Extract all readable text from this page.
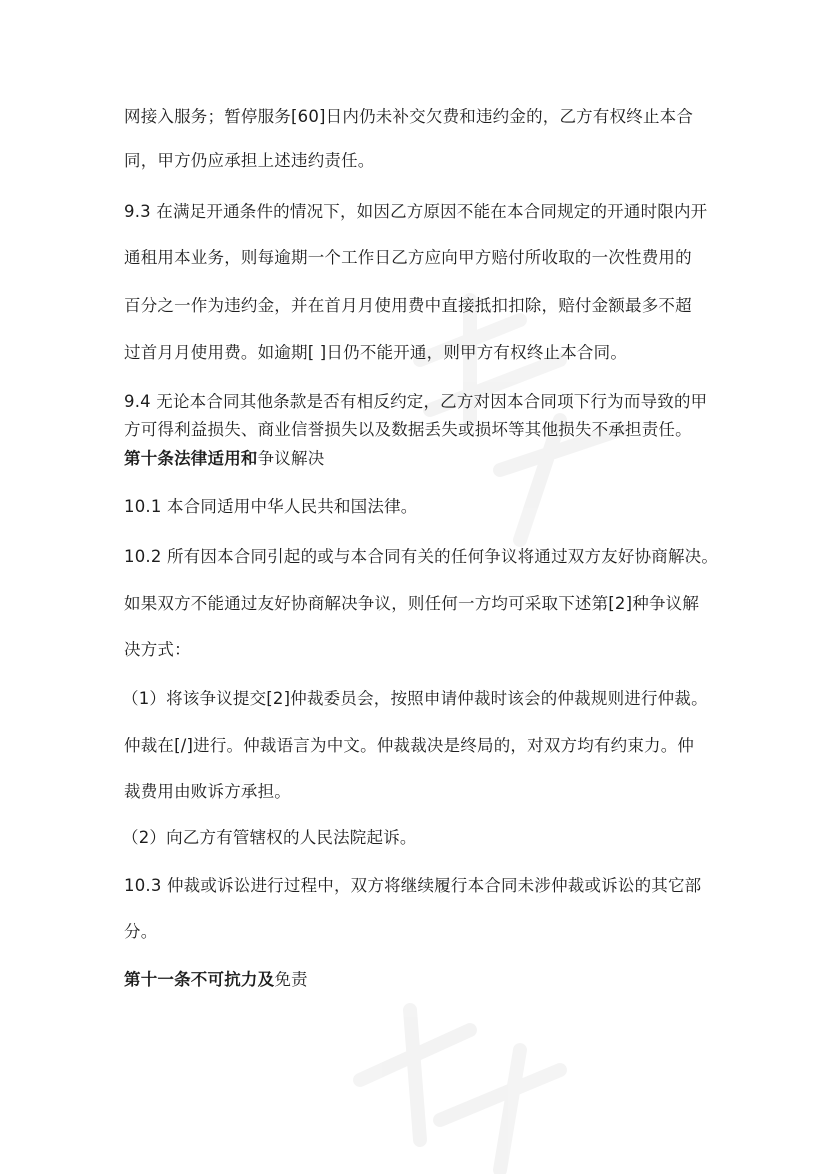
网接入服务；暂停服务[60]日内仍未补交欠费和违约金的，乙方有权终止本合
同，甲方仍应承担上述违约责任。
9.3 在满足开通条件的情况下，如因乙方原因不能在本合同规定的开通时限内开
通租用本业务，则每逾期一个工作日乙方应向甲方赔付所收取的一次性费用的
百分之一作为违约金，并在首月月使用费中直接抵扣扣除，赔付金额最多不超
过首月月使用费。如逾期[ ]日仍不能开通，则甲方有权终止本合同。
9.4 无论本合同其他条款是否有相反约定，乙方对因本合同项下行为而导致的甲
方可得利益损失、商业信誉损失以及数据丢失或损坏等其他损失不承担责任。
第十条法律适用和争议解决
10.1 本合同适用中华人民共和国法律。
10.2 所有因本合同引起的或与本合同有关的任何争议将通过双方友好协商解决。
如果双方不能通过友好协商解决争议，则任何一方均可采取下述第[2]种争议解
决方式：
（1）将该争议提交[2]仲裁委员会，按照申请仲裁时该会的仲裁规则进行仲裁。
仲裁在[/]进行。仲裁语言为中文。仲裁裁决是终局的，对双方均有约束力。仲
裁费用由败诉方承担。
（2）向乙方有管辖权的人民法院起诉。
10.3 仲裁或诉讼进行过程中，双方将继续履行本合同未涉仲裁或诉讼的其它部
分。
第十一条不可抗力及免责
